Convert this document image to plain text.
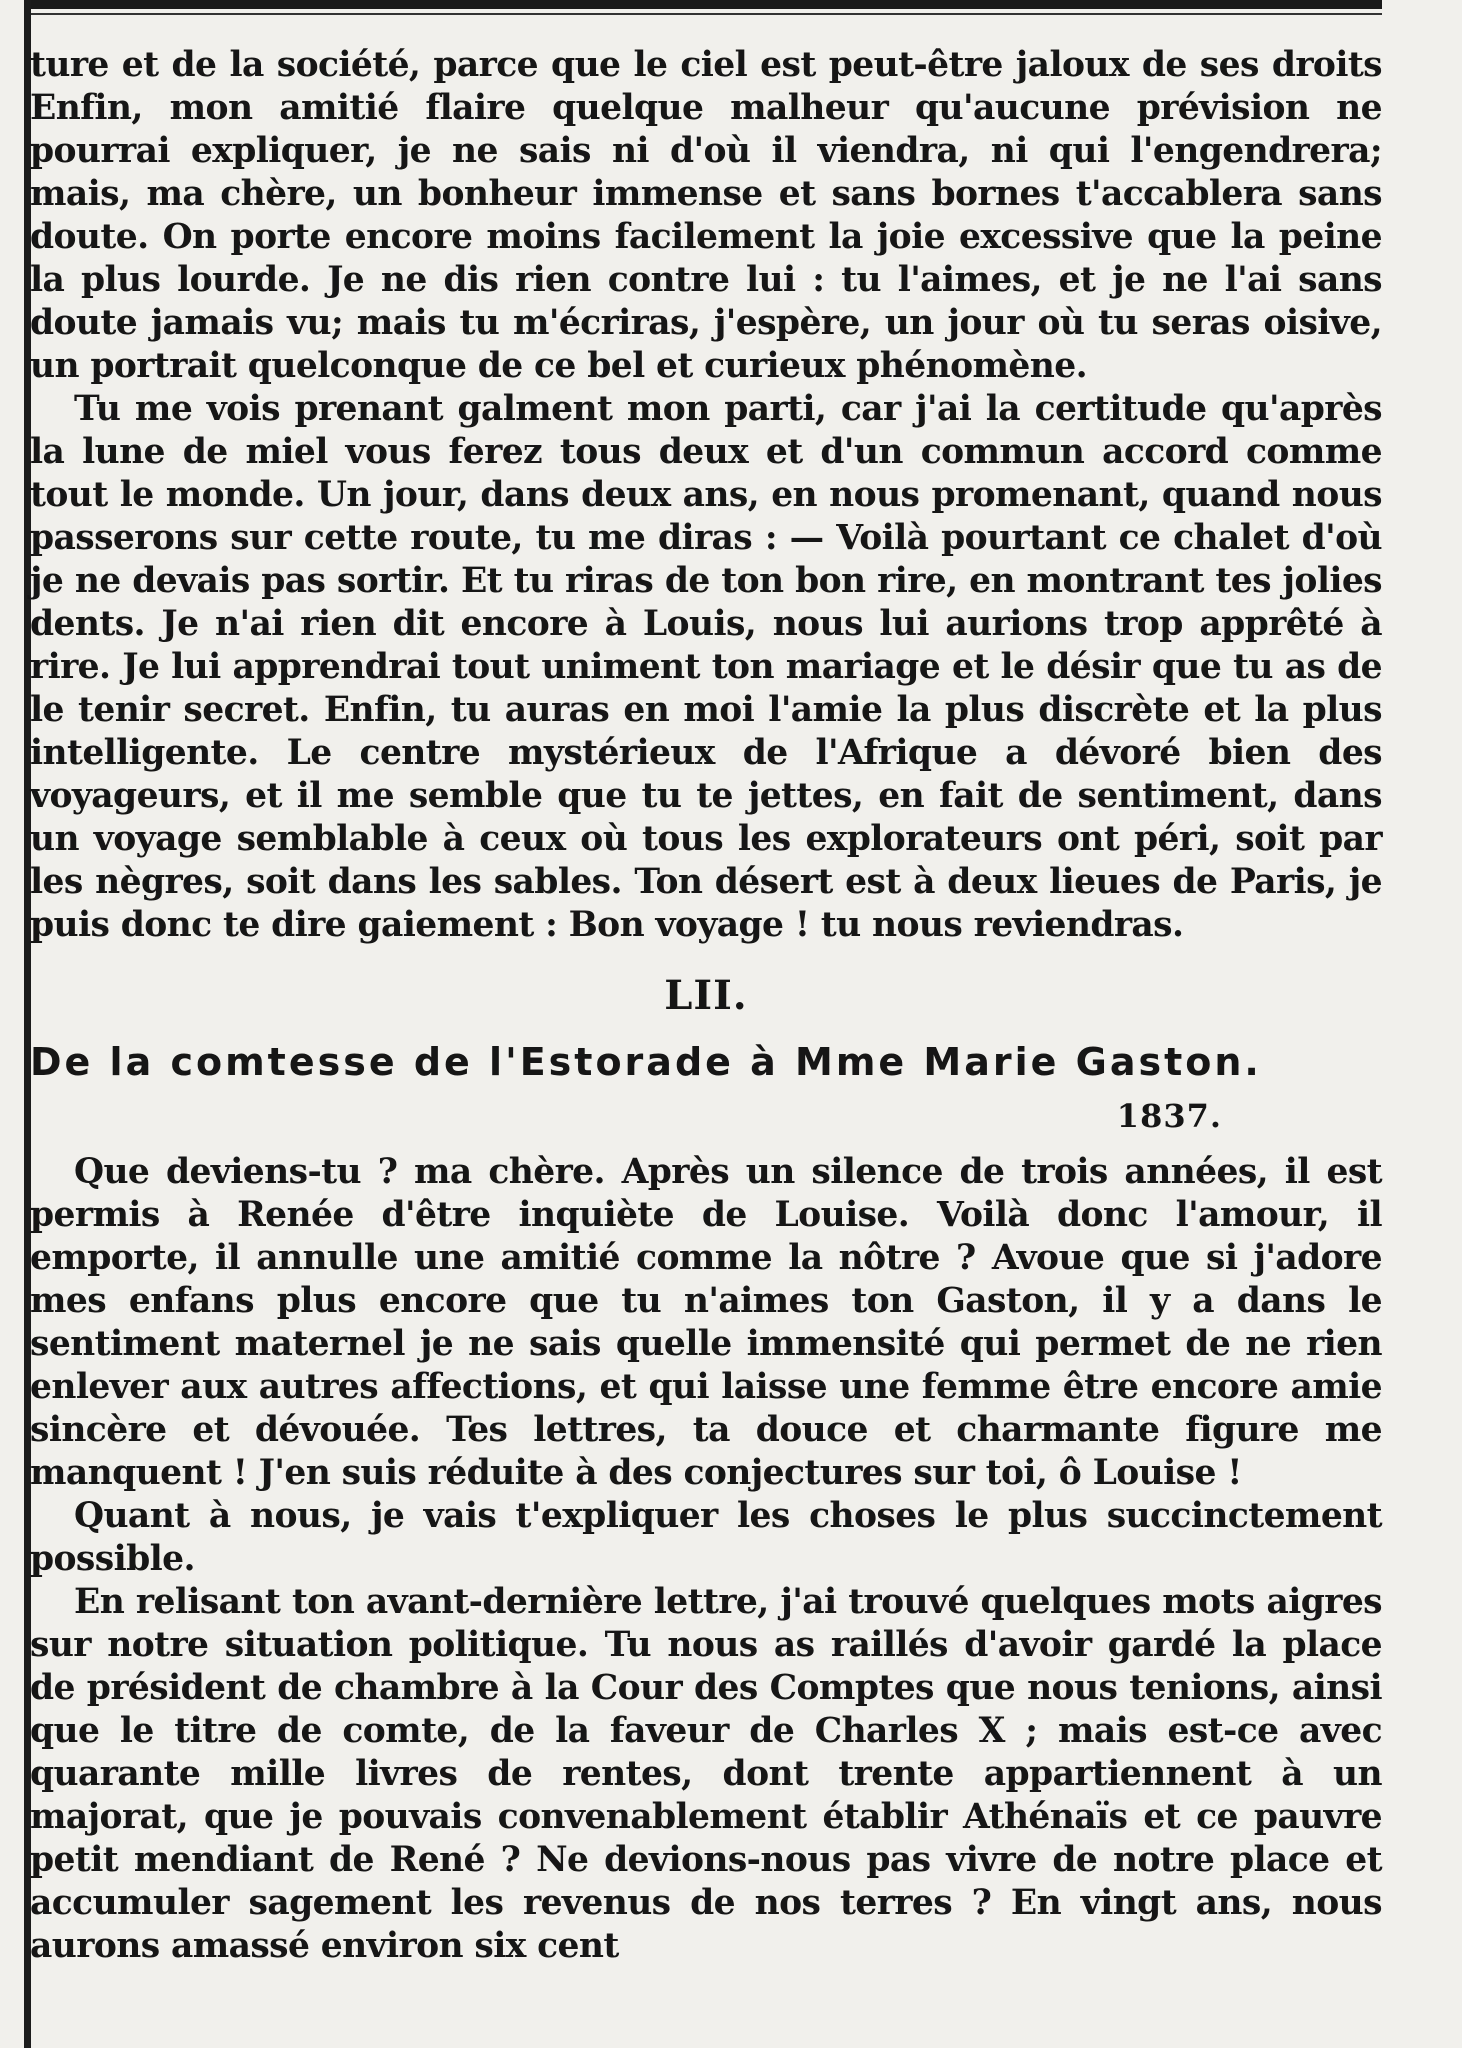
ture et de la société, parce que le ciel est peut-être jaloux de ses droits Enfin, mon amitié flaire quelque malheur qu'aucune prévision ne pourrai expliquer, je ne sais ni d'où il viendra, ni qui l'engendrera; mais, ma chère, un bonheur immense et sans bornes t'accablera sans doute. On porte encore moins facilement la joie excessive que la peine la plus lourde. Je ne dis rien contre lui : tu l'aimes, et je ne l'ai sans doute jamais vu; mais tu m'écriras, j'espère, un jour où tu seras oisive, un portrait quelconque de ce bel et curieux phénomène.

Tu me vois prenant galment mon parti, car j'ai la certitude qu'après la lune de miel vous ferez tous deux et d'un commun accord comme tout le monde. Un jour, dans deux ans, en nous promenant, quand nous passerons sur cette route, tu me diras : — Voilà pourtant ce chalet d'où je ne devais pas sortir. Et tu riras de ton bon rire, en montrant tes jolies dents. Je n'ai rien dit encore à Louis, nous lui aurions trop apprêté à rire. Je lui apprendrai tout uniment ton mariage et le désir que tu as de le tenir secret. Enfin, tu auras en moi l'amie la plus discrète et la plus intelligente. Le centre mystérieux de l'Afrique a dévoré bien des voyageurs, et il me semble que tu te jettes, en fait de sentiment, dans un voyage semblable à ceux où tous les explorateurs ont péri, soit par les nègres, soit dans les sables. Ton désert est à deux lieues de Paris, je puis donc te dire gaiement : Bon voyage ! tu nous reviendras.

LII.
De la comtesse de l'Estorade à Mme Marie Gaston.
1837.

Que deviens-tu ? ma chère. Après un silence de trois années, il est permis à Renée d'être inquiète de Louise. Voilà donc l'amour, il emporte, il annulle une amitié comme la nôtre ? Avoue que si j'adore mes enfans plus encore que tu n'aimes ton Gaston, il y a dans le sentiment maternel je ne sais quelle immensité qui permet de ne rien enlever aux autres affections, et qui laisse une femme être encore amie sincère et dévouée. Tes lettres, ta douce et charmante figure me manquent ! J'en suis réduite à des conjectures sur toi, ô Louise !

Quant à nous, je vais t'expliquer les choses le plus succinctement possible.

En relisant ton avant-dernière lettre, j'ai trouvé quelques mots aigres sur notre situation politique. Tu nous as raillés d'avoir gardé la place de président de chambre à la Cour des Comptes que nous tenions, ainsi que le titre de comte, de la faveur de Charles X ; mais est-ce avec quarante mille livres de rentes, dont trente appartiennent à un majorat, que je pouvais convenablement établir Athénaïs et ce pauvre petit mendiant de René ? Ne devions-nous pas vivre de notre place et accumuler sagement les revenus de nos terres ? En vingt ans, nous aurons amassé environ six cent
